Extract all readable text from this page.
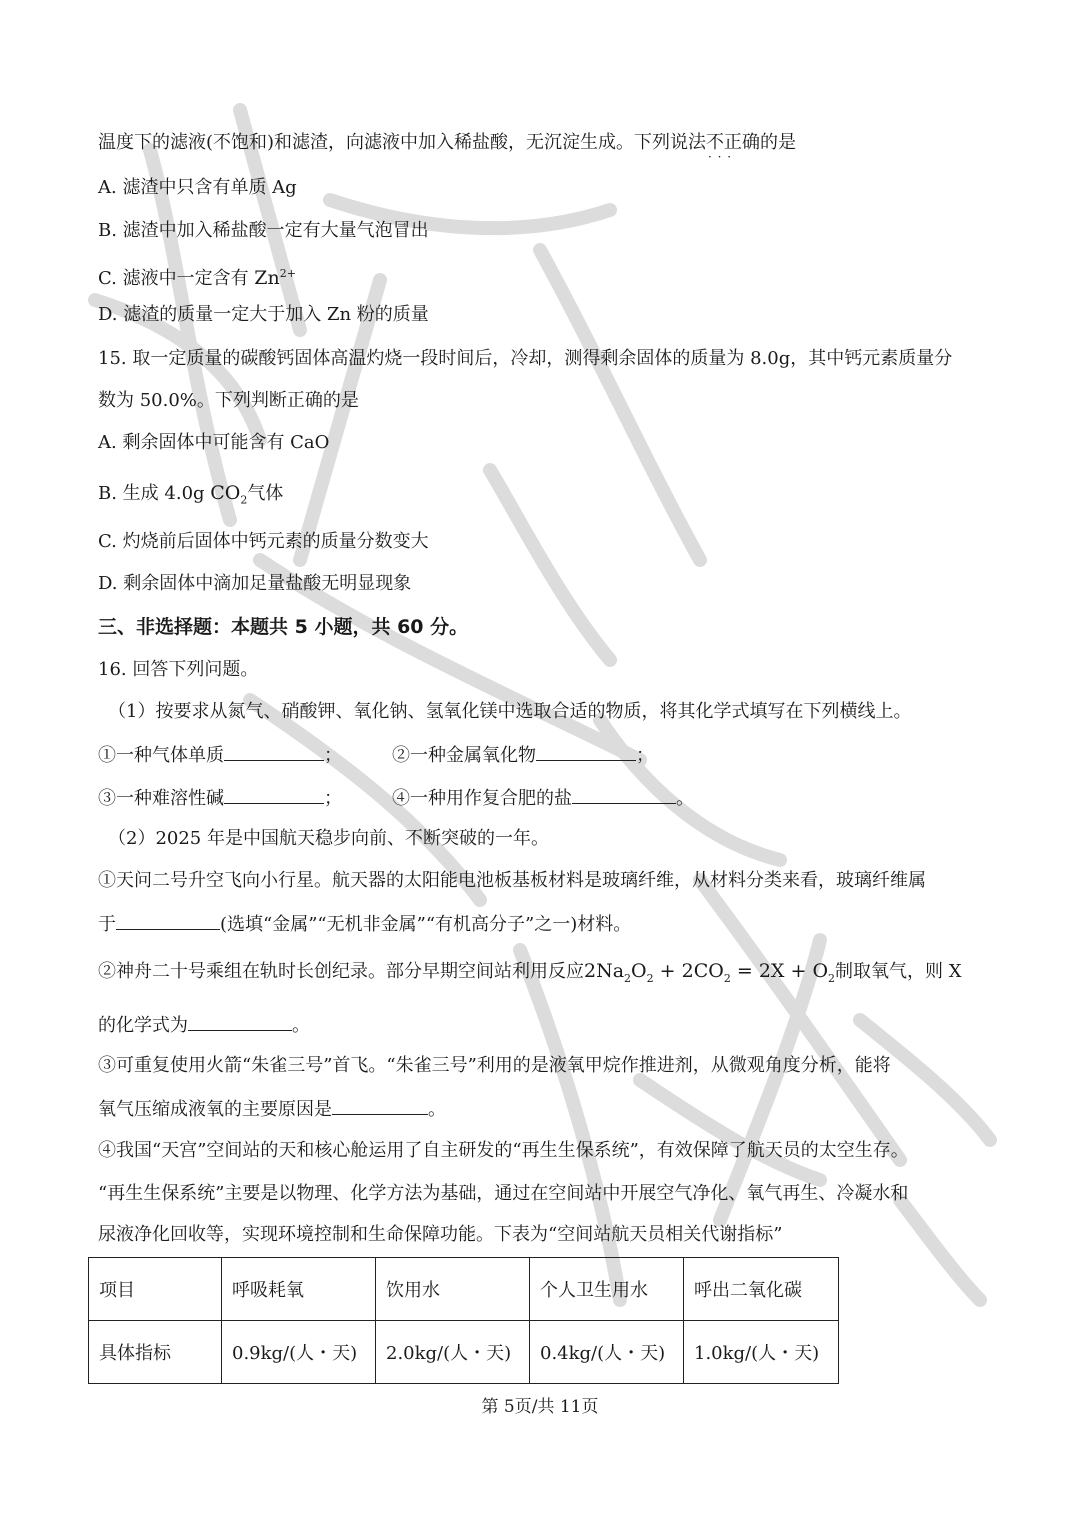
温度下的滤液(不饱和)和滤渣，向滤液中加入稀盐酸，无沉淀生成。下列说法不正确 · · ·的是
A. 滤渣中只含有单质 Ag
B. 滤渣中加入稀盐酸一定有大量气泡冒出
C. 滤液中一定含有 $Zn^{2+}$
D. 滤渣的质量一定大于加入 Zn 粉的质量
15. 取一定质量的碳酸钙固体高温灼烧一段时间后，冷却，测得剩余固体的质量为 8.0g，其中钙元素质量分
数为 50.0%。下列判断正确的是
A. 剩余固体中可能含有 CaO
B. 生成 4.0g $CO_2$气体
C. 灼烧前后固体中钙元素的质量分数变大
D. 剩余固体中滴加足量盐酸无明显现象
三、非选择题：本题共 5 小题，共 60 分。
16. 回答下列问题。
（1）按要求从氮气、硝酸钾、氧化钠、氢氧化镁中选取合适的物质，将其化学式填写在下列横线上。
①一种气体单质	；	②一种金属氧化物	；
③一种难溶性碱	；	④一种用作复合肥的盐	。
（2）2025 年是中国航天稳步向前、不断突破的一年。
①天问二号升空飞向小行星。航天器的太阳能电池板基板材料是玻璃纤维，从材料分类来看，玻璃纤维属
于	(选填“金属”“无机非金属”“有机高分子”之一)材料。
②神舟二十号乘组在轨时长创纪录。部分早期空间站利用反应$2Na_2O_2 + 2CO_2 = 2X + O_2$制取氧气，则 X
的化学式为	。
③可重复使用火箭“朱雀三号”首飞。“朱雀三号”利用的是液氧甲烷作推进剂，从微观角度分析，能将
氧气压缩成液氧的主要原因是	。
④我国“天宫”空间站的天和核心舱运用了自主研发的“再生生保系统”，有效保障了航天员的太空生存。
“再生生保系统”主要是以物理、化学方法为基础，通过在空间站中开展空气净化、氧气再生、冷凝水和
尿液净化回收等，实现环境控制和生命保障功能。下表为“空间站航天员相关代谢指标”
项目	呼吸耗氧	饮用水	个人卫生用水	呼出二氧化碳
具体指标	0.9kg/(人・天)	2.0kg/(人・天)	0.4kg/(人・天)	1.0kg/(人・天)
第 5页/共 11页
